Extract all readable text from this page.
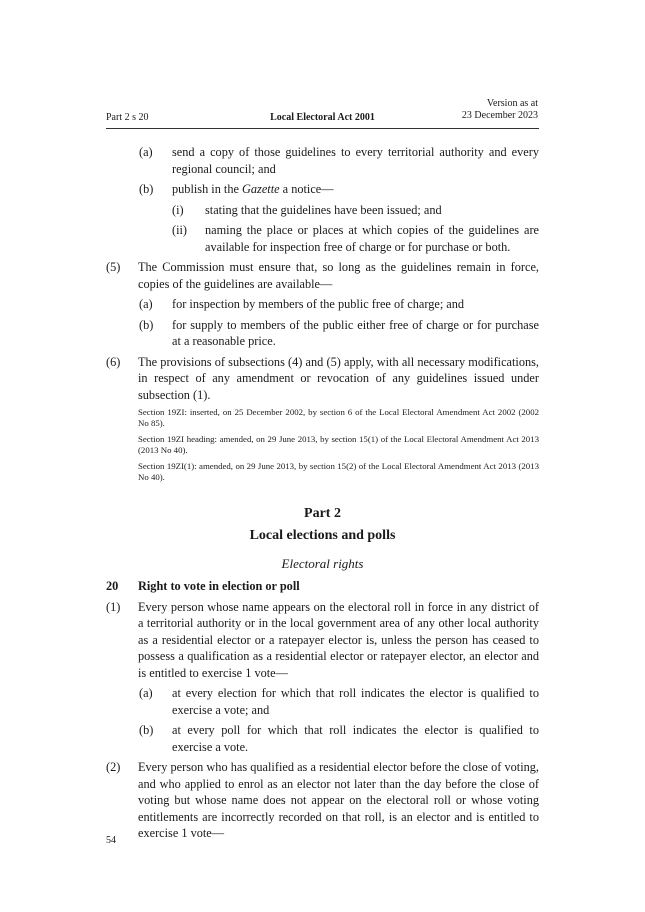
Part 2 s 20	Local Electoral Act 2001
Version as at
23 December 2023
(a) send a copy of those guidelines to every territorial authority and every regional council; and
(b) publish in the Gazette a notice—
(i) stating that the guidelines have been issued; and
(ii) naming the place or places at which copies of the guidelines are available for inspection free of charge or for purchase or both.
(5) The Commission must ensure that, so long as the guidelines remain in force, copies of the guidelines are available—
(a) for inspection by members of the public free of charge; and
(b) for supply to members of the public either free of charge or for purchase at a reasonable price.
(6) The provisions of subsections (4) and (5) apply, with all necessary modifications, in respect of any amendment or revocation of any guidelines issued under subsection (1).
Section 19ZI: inserted, on 25 December 2002, by section 6 of the Local Electoral Amendment Act 2002 (2002 No 85).
Section 19ZI heading: amended, on 29 June 2013, by section 15(1) of the Local Electoral Amendment Act 2013 (2013 No 40).
Section 19ZI(1): amended, on 29 June 2013, by section 15(2) of the Local Electoral Amendment Act 2013 (2013 No 40).
Part 2
Local elections and polls
Electoral rights
20 Right to vote in election or poll
(1) Every person whose name appears on the electoral roll in force in any district of a territorial authority or in the local government area of any other local authority as a residential elector or a ratepayer elector is, unless the person has ceased to possess a qualification as a residential elector or ratepayer elector, an elector and is entitled to exercise 1 vote—
(a) at every election for which that roll indicates the elector is qualified to exercise a vote; and
(b) at every poll for which that roll indicates the elector is qualified to exercise a vote.
(2) Every person who has qualified as a residential elector before the close of voting, and who applied to enrol as an elector not later than the day before the close of voting but whose name does not appear on the electoral roll or whose voting entitlements are incorrectly recorded on that roll, is an elector and is entitled to exercise 1 vote—
54
